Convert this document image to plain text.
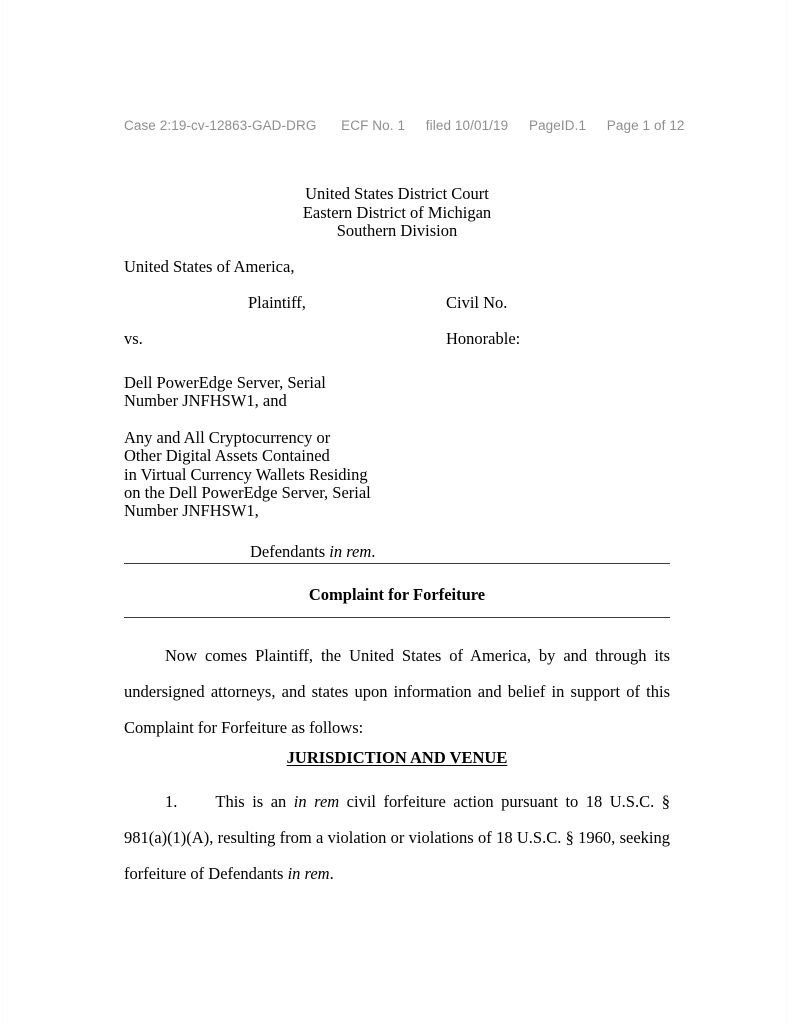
Case 2:19-cv-12863-GAD-DRG ECF No. 1 filed 10/01/19 PageID.1 Page 1 of 12
United States District Court
Eastern District of Michigan
Southern Division
United States of America,
Plaintiff,	Civil No.
vs.	Honorable:
Dell PowerEdge Server, Serial
Number JNFHSW1, and
Any and All Cryptocurrency or
Other Digital Assets Contained
in Virtual Currency Wallets Residing
on the Dell PowerEdge Server, Serial
Number JNFHSW1,
Defendants in rem.
Complaint for Forfeiture
Now comes Plaintiff, the United States of America, by and through its undersigned attorneys, and states upon information and belief in support of this Complaint for Forfeiture as follows:
JURISDICTION AND VENUE
1. This is an in rem civil forfeiture action pursuant to 18 U.S.C. § 981(a)(1)(A), resulting from a violation or violations of 18 U.S.C. § 1960, seeking forfeiture of Defendants in rem.
